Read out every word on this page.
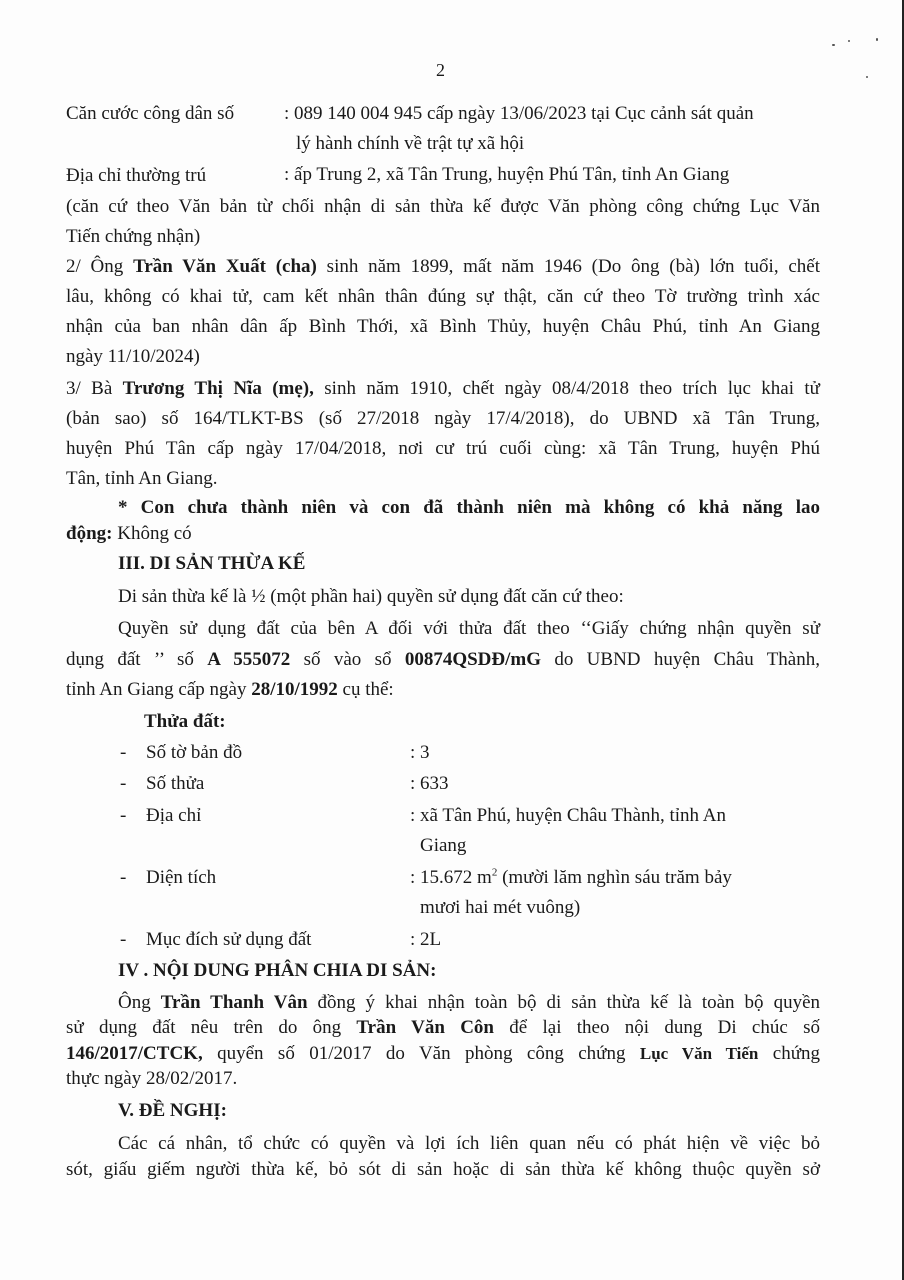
2
Căn cước công dân số	: 089 140 004 945 cấp ngày 13/06/2023 tại Cục cảnh sát quản
lý hành chính về trật tự xã hội
Địa chỉ thường trú	: ấp Trung 2, xã Tân Trung, huyện Phú Tân, tỉnh An Giang
(căn cứ theo Văn bản từ chối nhận di sản thừa kế được Văn phòng công chứng Lục Văn
Tiến chứng nhận)
2/ Ông Trần Văn Xuất (cha) sinh năm 1899, mất năm 1946 (Do ông (bà) lớn tuổi, chết
lâu, không có khai tử, cam kết nhân thân đúng sự thật, căn cứ theo Tờ trường trình xác
nhận của ban nhân dân ấp Bình Thới, xã Bình Thủy, huyện Châu Phú, tỉnh An Giang
ngày 11/10/2024)
3/ Bà Trương Thị Nĩa (mẹ), sinh năm 1910, chết ngày 08/4/2018 theo trích lục khai tử
(bản sao) số 164/TLKT-BS (số 27/2018 ngày 17/4/2018), do UBND xã Tân Trung,
huyện Phú Tân cấp ngày 17/04/2018, nơi cư trú cuối cùng: xã Tân Trung, huyện Phú
Tân, tỉnh An Giang.
* Con chưa thành niên và con đã thành niên mà không có khả năng lao
động: Không có
III. DI SẢN THỪA KẾ
Di sản thừa kế là ½ (một phần hai) quyền sử dụng đất căn cứ theo:
Quyền sử dụng đất của bên A đối với thửa đất theo ‘‘Giấy chứng nhận quyền sử
dụng đất ’’ số A 555072 số vào sổ 00874QSDĐ/mG do UBND huyện Châu Thành,
tỉnh An Giang cấp ngày 28/10/1992 cụ thể:
Thửa đất:
- Số tờ bản đồ	: 3
- Số thửa	: 633
- Địa chỉ	: xã Tân Phú, huyện Châu Thành, tỉnh An
Giang
- Diện tích	: 15.672 $m^2$ (mười lăm nghìn sáu trăm bảy
mươi hai mét vuông)
- Mục đích sử dụng đất	: 2L
IV . NỘI DUNG PHÂN CHIA DI SẢN:
Ông Trần Thanh Vân đồng ý khai nhận toàn bộ di sản thừa kế là toàn bộ quyền
sử dụng đất nêu trên do ông Trần Văn Côn để lại theo nội dung Di chúc số
146/2017/CTCK, quyển số 01/2017 do Văn phòng công chứng Lục Văn Tiến chứng
thực ngày 28/02/2017.
V. ĐỀ NGHỊ:
Các cá nhân, tổ chức có quyền và lợi ích liên quan nếu có phát hiện về việc bỏ
sót, giấu giếm người thừa kế, bỏ sót di sản hoặc di sản thừa kế không thuộc quyền sở
